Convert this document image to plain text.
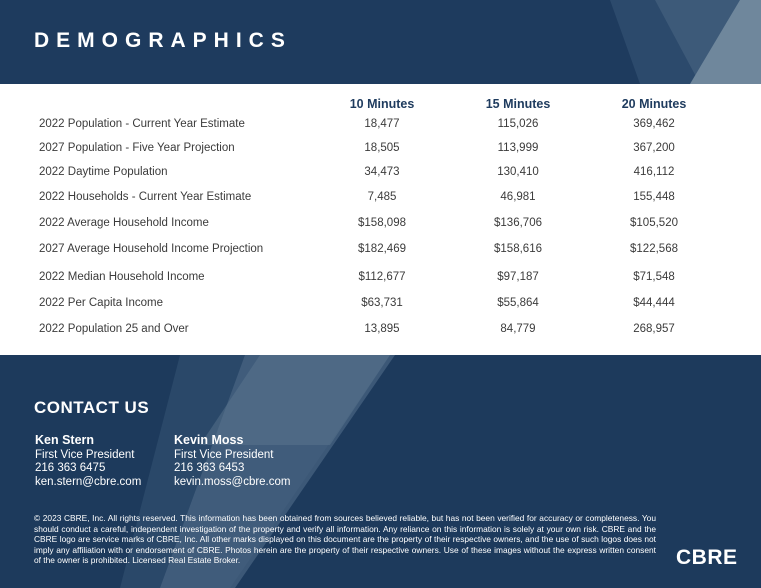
DEMOGRAPHICS
10 Minutes	15 Minutes	20 Minutes
2022 Population - Current Year Estimate	18,477	115,026	369,462
2027 Population - Five Year Projection	18,505	113,999	367,200
2022 Daytime Population	34,473	130,410	416,112
2022 Households - Current Year Estimate	7,485	46,981	155,448
2022 Average Household Income	$158,098	$136,706	$105,520
2027 Average Household Income Projection	$182,469	$158,616	$122,568
2022 Median Household Income	$112,677	$97,187	$71,548
2022 Per Capita Income	$63,731	$55,864	$44,444
2022 Population 25 and Over	13,895	84,779	268,957
CONTACT US
Ken Stern
First Vice President
216 363 6475
ken.stern@cbre.com
Kevin Moss
First Vice President
216 363 6453
kevin.moss@cbre.com

© 2023 CBRE, Inc. All rights reserved. This information has been obtained from sources believed reliable, but has not been verified for accuracy or completeness. You should conduct a careful, independent investigation of the property and verify all information. Any reliance on this information is solely at your own risk. CBRE and the CBRE logo are service marks of CBRE, Inc. All other marks displayed on this document are the property of their respective owners, and the use of such logos does not imply any affiliation with or endorsement of CBRE. Photos herein are the property of their respective owners. Use of these images without the express written consent of the owner is prohibited. Licensed Real Estate Broker.	CBRE
